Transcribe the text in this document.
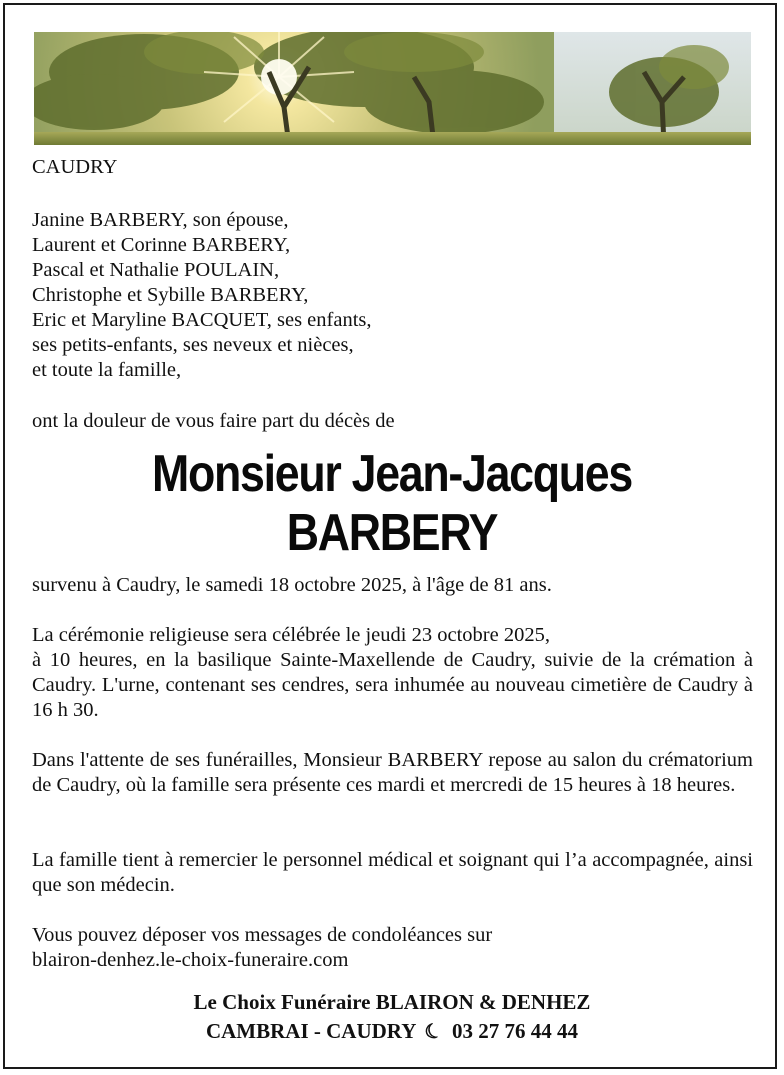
CAUDRY
Janine BARBERY, son épouse,
Laurent et Corinne BARBERY,
Pascal et Nathalie POULAIN,
Christophe et Sybille BARBERY,
Eric et Maryline BACQUET, ses enfants,
ses petits-enfants, ses neveux et nièces,
et toute la famille,
ont la douleur de vous faire part du décès de
Monsieur Jean-Jacques
BARBERY
survenu à Caudry, le samedi 18 octobre 2025, à l'âge de 81 ans.
La cérémonie religieuse sera célébrée le jeudi 23 octobre 2025,
à 10 heures, en la basilique Sainte-Maxellende de Caudry, suivie de la crémation à Caudry. L'urne, contenant ses cendres, sera inhumée au nouveau cimetière de Caudry à 16 h 30.
Dans l'attente de ses funérailles, Monsieur BARBERY repose au salon du crématorium de Caudry, où la famille sera présente ces mardi et mercredi de 15 heures à 18 heures.
La famille tient à remercier le personnel médical et soignant qui l’a accompagnée, ainsi que son médecin.
Vous pouvez déposer vos messages de condoléances sur
blairon-denhez.le-choix-funeraire.com
Le Choix Funéraire BLAIRON & DENHEZ
CAMBRAI - CAUDRY ☾ 03 27 76 44 44
